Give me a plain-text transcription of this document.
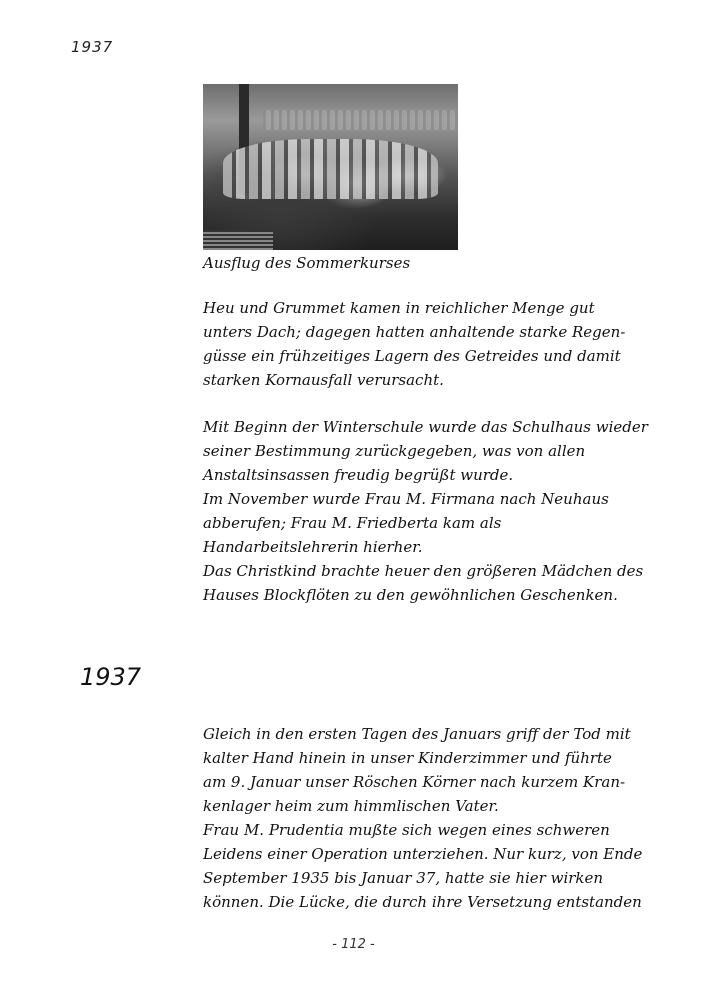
1937
Ausflug des Sommerkurses
Heu und Grummet kamen in reichlicher Menge gut
unters Dach; dagegen hatten anhaltende starke Regen-
güsse ein frühzeitiges Lagern des Getreides und damit
starken Kornausfall verursacht.
Mit Beginn der Winterschule wurde das Schulhaus wieder
seiner Bestimmung zurückgegeben, was von allen
Anstaltsinsassen freudig begrüßt wurde.
Im November wurde Frau M. Firmana nach Neuhaus
abberufen; Frau M. Friedberta kam als
Handarbeitslehrerin hierher.
Das Christkind brachte heuer den größeren Mädchen des
Hauses Blockflöten zu den gewöhnlichen Geschenken.
1937
Gleich in den ersten Tagen des Januars griff der Tod mit
kalter Hand hinein in unser Kinderzimmer und führte
am 9. Januar unser Röschen Körner nach kurzem Kran-
kenlager heim zum himmlischen Vater.
Frau M. Prudentia mußte sich wegen eines schweren
Leidens einer Operation unterziehen. Nur kurz, von Ende
September 1935 bis Januar 37, hatte sie hier wirken
können. Die Lücke, die durch ihre Versetzung entstanden
- 112 -
